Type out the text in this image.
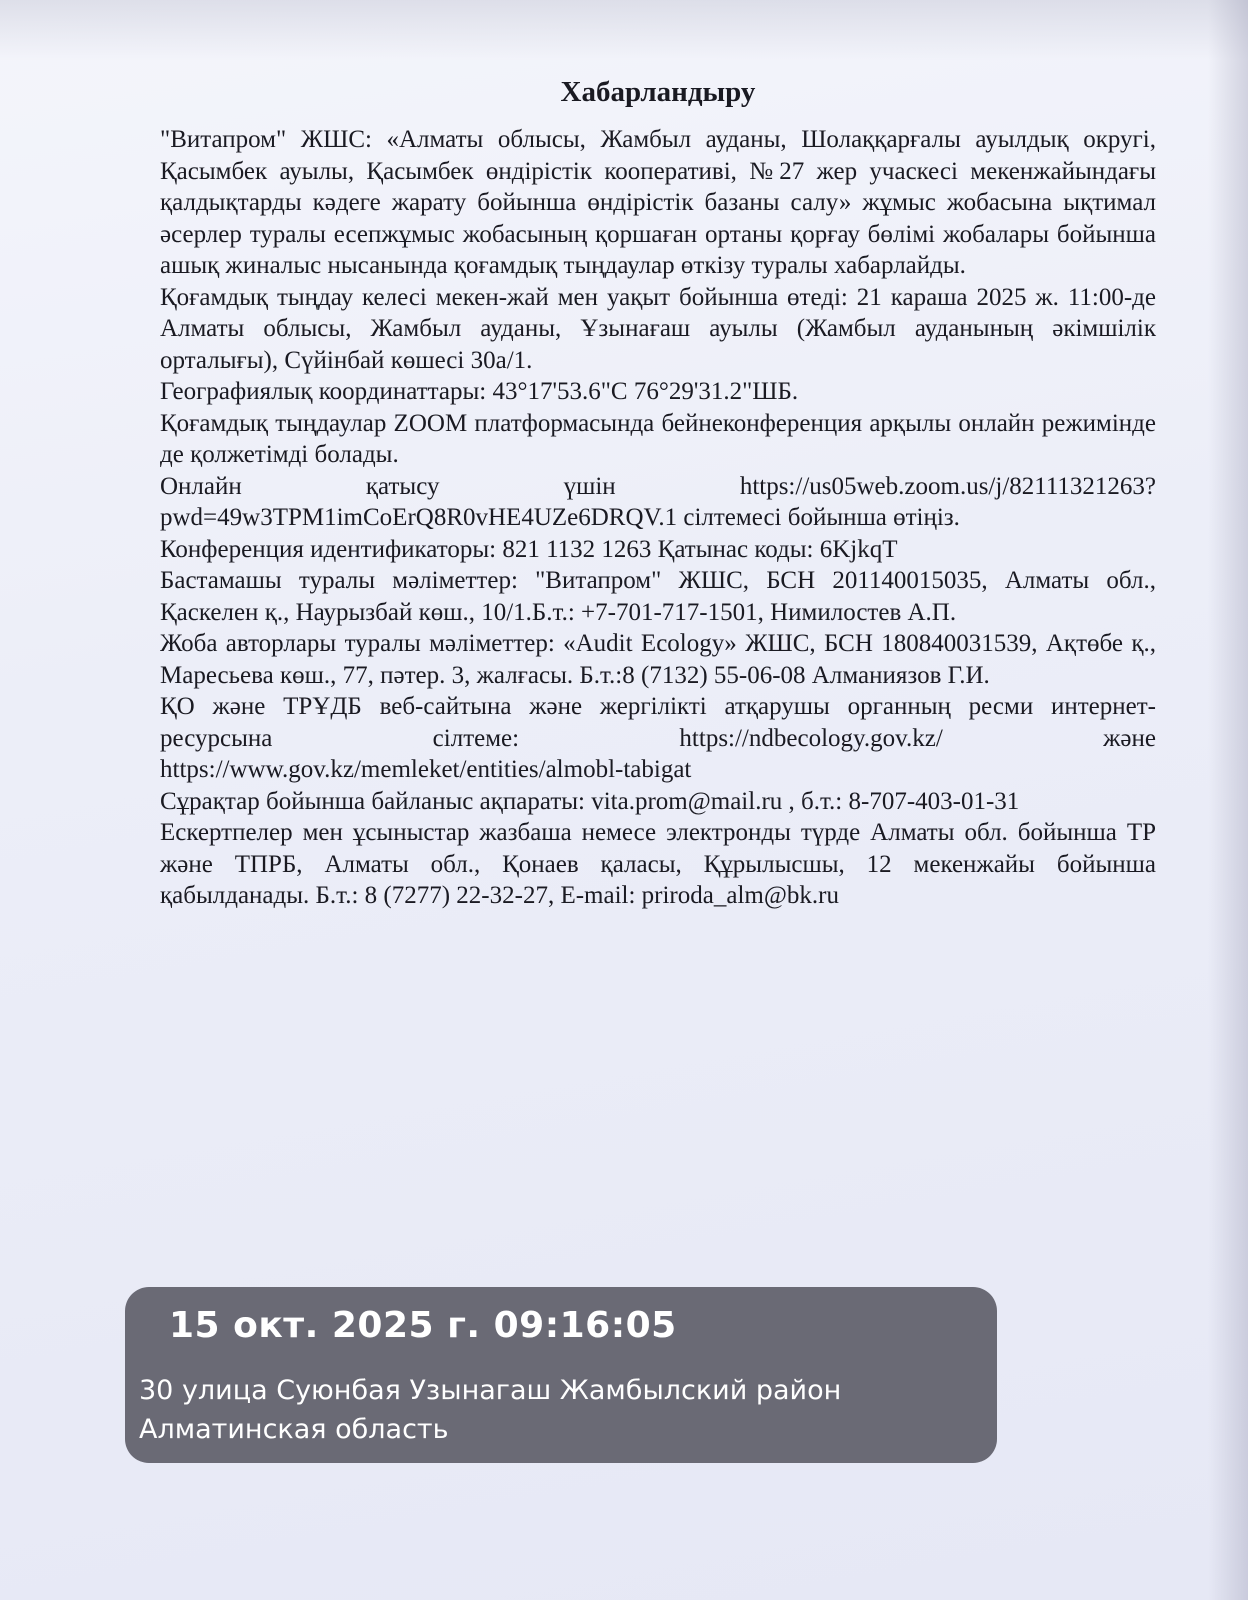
Хабарландыру

"Витапром" ЖШС: «Алматы облысы, Жамбыл ауданы, Шолаққарғалы ауылдық округі, Қасымбек ауылы, Қасымбек өндірістік кооперативі, №27 жер учаскесі мекенжайындағы қалдықтарды кәдеге жарату бойынша өндірістік базаны салу» жұмыс жобасына ықтимал әсерлер туралы есепжұмыс жобасының қоршаған ортаны қорғау бөлімі жобалары бойынша ашық жиналыс нысанында қоғамдық тыңдаулар өткізу туралы хабарлайды.

Қоғамдық тыңдау келесі мекен-жай мен уақыт бойынша өтеді: 21 караша 2025 ж. 11:00-де Алматы облысы, Жамбыл ауданы, Ұзынағаш ауылы (Жамбыл ауданының әкімшілік орталығы), Сүйінбай көшесі 30а/1.

Географиялық координаттары: 43°17'53.6"С 76°29'31.2"ШБ.

Қоғамдық тыңдаулар ZOOM платформасында бейнеконференция арқылы онлайн режимінде де қолжетімді болады.

Онлайн қатысу үшін https://us05web.zoom.us/j/82111321263?pwd=49w3TPM1imCoErQ8R0vHE4UZe6DRQV.1 сілтемесі бойынша өтіңіз.

Конференция идентификаторы: 821 1132 1263 Қатынас коды: 6KjkqT

Бастамашы туралы мәліметтер: "Витапром" ЖШС, БСН 201140015035, Алматы обл., Қаскелен қ., Наурызбай көш., 10/1.Б.т.: +7-701-717-1501, Нимилостев А.П.

Жоба авторлары туралы мәліметтер: «Audit Ecology» ЖШС, БСН 180840031539, Ақтөбе қ., Маресьева көш., 77, пәтер. 3, жалғасы. Б.т.:8 (7132) 55-06-08 Алманиязов Г.И.

ҚО және ТРҰДБ веб-сайтына және жергілікті атқарушы органның ресми интернет-ресурсына сілтеме: https://ndbecology.gov.kz/ және https://www.gov.kz/memleket/entities/almobl-tabigat

Сұрақтар бойынша байланыс ақпараты: vita.prom@mail.ru , б.т.: 8-707-403-01-31

Ескертпелер мен ұсыныстар жазбаша немесе электронды түрде Алматы обл. бойынша ТР және ТПРБ, Алматы обл., Қонаев қаласы, Құрылысшы, 12 мекенжайы бойынша қабылданады. Б.т.: 8 (7277) 22-32-27, E-mail: priroda_alm@bk.ru

15 окт. 2025 г. 09:16:05
30 улица Суюнбая Узынагаш Жамбылский район Алматинская область
